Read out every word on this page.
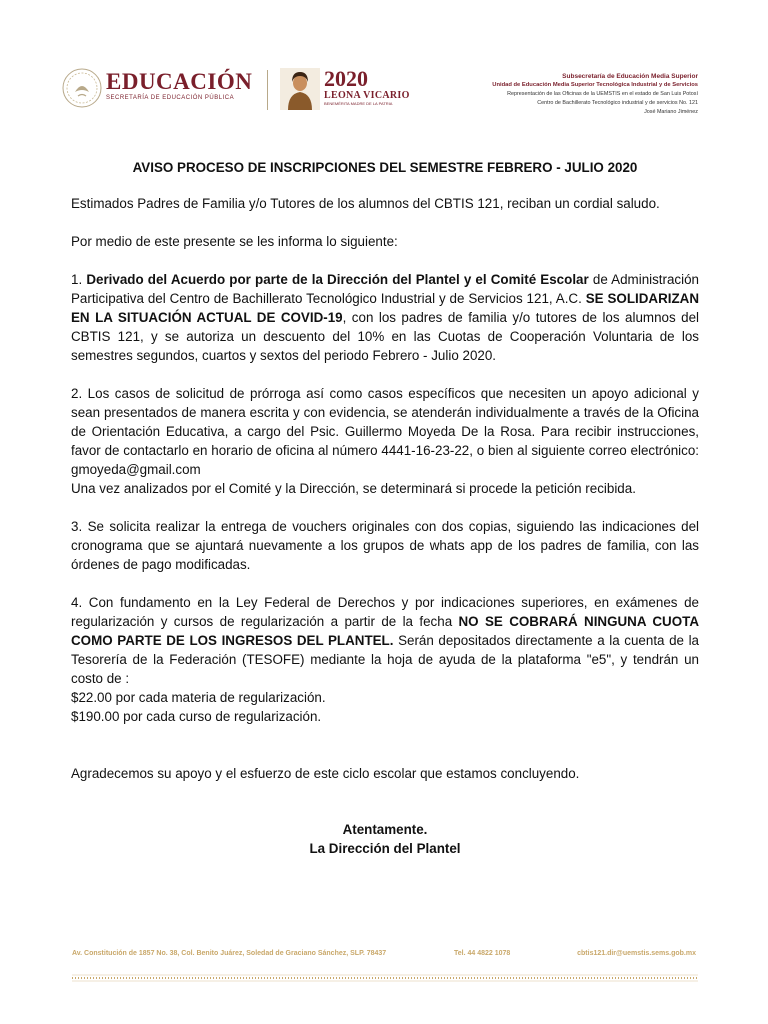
EDUCACIÓN
SECRETARÍA DE EDUCACIÓN PÚBLICA
2020
LEONA VICARIO
BENEMÉRITA MADRE DE LA PATRIA
Subsecretaría de Educación Media Superior
Unidad de Educación Media Superior Tecnológica Industrial y de Servicios
Representación de las Oficinas de la UEMSTIS en el estado de San Luis Potosí
Centro de Bachillerato Tecnológico industrial y de servicios No. 121
José Mariano Jiménez
AVISO PROCESO DE INSCRIPCIONES DEL SEMESTRE FEBRERO - JULIO 2020

Estimados Padres de Familia y/o Tutores de los alumnos del CBTIS 121, reciban un cordial saludo.

Por medio de este presente se les informa lo siguiente:

1. Derivado del Acuerdo por parte de la Dirección del Plantel y el Comité Escolar de Administración Participativa del Centro de Bachillerato Tecnológico Industrial y de Servicios 121, A.C. SE SOLIDARIZAN EN LA SITUACIÓN ACTUAL DE COVID-19, con los padres de familia y/o tutores de los alumnos del CBTIS 121, y se autoriza un descuento del 10% en las Cuotas de Cooperación Voluntaria de los semestres segundos, cuartos y sextos del periodo Febrero - Julio 2020.

2. Los casos de solicitud de prórroga así como casos específicos que necesiten un apoyo adicional y sean presentados de manera escrita y con evidencia, se atenderán individualmente a través de la Oficina de Orientación Educativa, a cargo del Psic. Guillermo Moyeda De la Rosa. Para recibir instrucciones, favor de contactarlo en horario de oficina al número 4441-16-23-22, o bien al siguiente correo electrónico: gmoyeda@gmail.com
Una vez analizados por el Comité y la Dirección, se determinará si procede la petición recibida.

3. Se solicita realizar la entrega de vouchers originales con dos copias, siguiendo las indicaciones del cronograma que se ajuntará nuevamente a los grupos de whats app de los padres de familia, con las órdenes de pago modificadas.

4. Con fundamento en la Ley Federal de Derechos y por indicaciones superiores, en exámenes de regularización y cursos de regularización a partir de la fecha NO SE COBRARÁ NINGUNA CUOTA COMO PARTE DE LOS INGRESOS DEL PLANTEL. Serán depositados directamente a la cuenta de la Tesorería de la Federación (TESOFE) mediante la hoja de ayuda de la plataforma "e5", y tendrán un costo de :
$22.00 por cada materia de regularización.
$190.00 por cada curso de regularización.

Agradecemos su apoyo y el esfuerzo de este ciclo escolar que estamos concluyendo.

Atentamente.
La Dirección del Plantel
Av. Constitución de 1857 No. 38, Col. Benito Juárez, Soledad de Graciano Sánchez, SLP. 78437	Tel. 44 4822 1078	cbtis121.dir@uemstis.sems.gob.mx
